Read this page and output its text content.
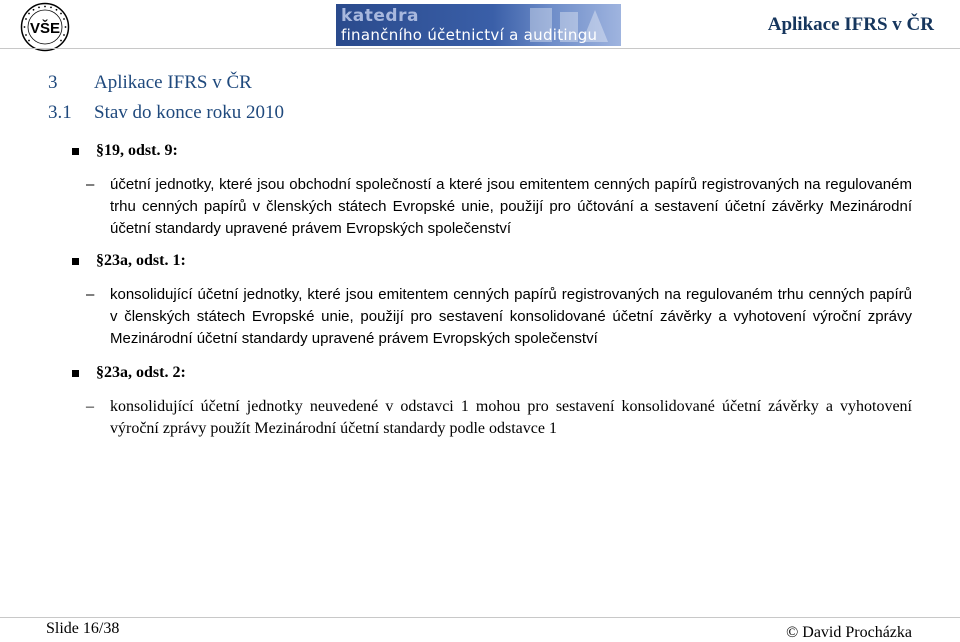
VŠE
katedra
finančního účetnictví a auditingu	Aplikace IFRS v ČR
3 Aplikace IFRS v ČR
3.1 Stav do konce roku 2010
§19, odst. 9:
–	účetní jednotky, které jsou obchodní společností a které jsou emitentem cenných papírů registrovaných na regulovaném trhu cenných papírů v členských státech Evropské unie, použijí pro účtování a sestavení účetní závěrky Mezinárodní účetní standardy upravené právem Evropských společenství
§23a, odst. 1:
–	konsolidující účetní jednotky, které jsou emitentem cenných papírů registrovaných na regulovaném trhu cenných papírů v členských státech Evropské unie, použijí pro sestavení konsolidované účetní závěrky a vyhotovení výroční zprávy Mezinárodní účetní standardy upravené právem Evropských společenství
§23a, odst. 2:
–	konsolidující účetní jednotky neuvedené v odstavci 1 mohou pro sestavení konsolidované účetní závěrky a vyhotovení výroční zprávy použít Mezinárodní účetní standardy podle odstavce 1
Slide 16/38	© David Procházka
